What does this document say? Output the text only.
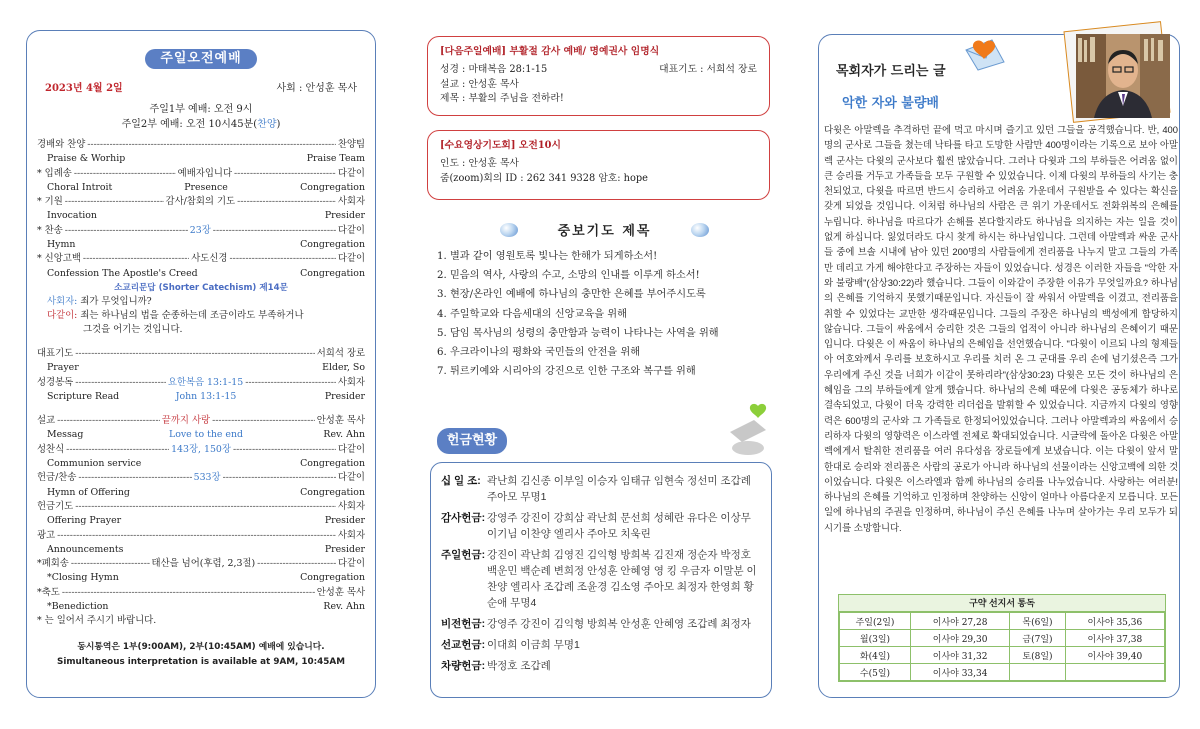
주일오전예배
2023년 4월 2일	사회 : 안성훈 목사
주일1부 예배: 오전 9시
주일2부 예배: 오전 10시45분(찬양)
경배와 찬양 -----	찬양팀
Praise & Worhip	Praise Team
* 입례송 -----	예배자입니다 -----	다같이
Choral Introit	Presence	Congregation
* 기원 -----	감사/참회의 기도 -----	사회자
Invocation	Presider
* 찬송 -----	23장 -----	다같이
Hymn	Congregation
* 신앙고백 -----	사도신경 -----	다같이
Confession The Apostle's Creed	Congregation
소교리문답 (Shorter Catechism) 제14문
사회자: 죄가 무엇입니까?
다같이: 죄는 하나님의 법을 순종하는데 조금이라도 부족하거나
그것을 어기는 것입니다.
대표기도 -----	서희석 장로
Prayer	Elder, So
성경봉독 -----	요한복음 13:1-15 -----	사회자
Scripture Read	John 13:1-15	Presider
설교 -----	끝까지 사랑 -----	안성훈 목사
Messag	Love to the end	Rev. Ahn
성찬식 -----	143장, 150장 -----	다같이
Communion service	Congregation
헌금/찬송 -----	533장 -----	다같이
Hymn of Offering	Congregation
헌금기도 -----	사회자
Offering Prayer	Presider
광고 -----	사회자
Announcements	Presider
*폐회송 -----	태산을 넘어(후렴, 2,3절) -----	다같이
*Closing Hymn	Congregation
*축도 -----	안성훈 목사
*Benediction	Rev. Ahn
* 는 일어서 주시기 바랍니다.
동시통역은 1부(9:00AM), 2부(10:45AM) 예배에 있습니다.
Simultaneous interpretation is available at 9AM, 10:45AM
[다음주일예배] 부활절 감사 예배/ 명예권사 임명식
성경 : 마태복음 28:1-15	대표기도 : 서희석 장로
설교 : 안성훈 목사
제목 : 부활의 주님을 전하라!
[수요영상기도회] 오전10시
인도 : 안성훈 목사
줌(zoom)회의 ID : 262 341 9328 암호: hope
중보기도 제목
1. 별과 같이 영원토록 빛나는 한해가 되게하소서!
2. 믿음의 역사, 사랑의 수고, 소망의 인내를 이루게 하소서!
3. 현장/온라인 예배에 하나님의 충만한 은혜를 부어주시도록
4. 주일학교와 다음세대의 신앙교육을 위해
5. 담임 목사님의 성령의 충만함과 능력이 나타나는 사역을 위해
6. 우크라이나의 평화와 국민들의 안전을 위해
7. 튀르키예와 시리아의 강진으로 인한 구조와 복구를 위해
헌금현황
십 일 조: 곽난희 김신종 이부일 이승자 임태규 임현숙 정선미 조갑례 주아모 무명1
감사헌금: 강영주 강진이 강희삼 곽난희 문선희 성혜란 유다은 이상무 이기님 이찬양 엘리사 주아모 치욱린
주일헌금: 강진이 곽난희 김영진 김익형 방희복 김진재 정순자 박정호 백운민 백순례 변희정 안성훈 안혜영 영 킹 우금자 이말분 이찬양 엘리사 조갑례 조윤경 김소영 주아모 최정자 한영희 황순애 무명4
비전헌금: 강영주 강진이 김익형 방희복 안성훈 안혜영 조갑례 최정자
선교헌금: 이대희 이금희 무명1
차량헌금: 박정호 조갑례
목회자가 드리는 글
악한 자와 불량배
다윗은 아말렉을 추격하던 끝에 먹고 마시며 즐기고 있던 그들을 공격했습니다. 반, 400명의 군사로 그들을 쳤는데 낙타를 타고 도망한 사람만 400명이라는 기록으로 보아 아말렉 군사는 다윗의 군사보다 훨씬 많았습니다. 그러나 다윗과 그의 부하들은 어려움 없이 큰 승리를 거두고 가족들을 모두 구원할 수 있었습니다. 이제 다윗의 부하들의 사기는 충천되었고, 다윗을 따르면 반드시 승리하고 어려움 가운데서 구원받을 수 있다는 확신을 갖게 되었을 것입니다. 이처럼 하나님의 사람은 큰 위기 가운데서도 전화위복의 은혜를 누립니다. 하나님을 따르다가 손해를 본다할지라도 하나님을 의지하는 자는 일을 것이 없게 하십니다. 잃었더라도 다시 찾게 하시는 하나님입니다. 그런데 아말렉과 싸운 군사들 중에 브솔 시내에 남아 있던 200명의 사람들에게 전리품을 나누지 말고 그들의 가족만 데리고 가게 해야한다고 주장하는 자들이 있었습니다. 성경은 이러한 자들을 "악한 자와 불량배"(삼상30:22)라 했습니다. 그들이 이와같이 주장한 이유가 무엇일까요? 하나님의 은혜를 기억하지 못했기때문입니다. 자신들이 잘 싸워서 아말렉을 이겼고, 전리품을 취할 수 있었다는 교만한 생각때문입니다. 그들의 주장은 하나님의 백성에게 합당하지 않습니다. 그들이 싸움에서 승리한 것은 그들의 업적이 아니라 하나님의 은혜이기 때문입니다. 다윗은 이 싸움이 하나님의 은혜임을 선언했습니다. "다윗이 이르되 나의 형제들아 여호와께서 우리를 보호하시고 우리를 치러 온 그 군대를 우리 손에 넘기셨은즉 그가 우리에게 주신 것을 너희가 이같이 못하리라"(삼상30:23) 다윗은 모든 것이 하나님의 은혜임을 그의 부하들에게 알게 했습니다. 하나님의 은혜 때문에 다윗은 공동체가 하나로 결속되었고, 다윗이 더욱 강력한 리더쉽을 발휘할 수 있었습니다. 지금까지 다윗의 영향력은 600명의 군사와 그 가족들로 한정되어있었습니다. 그러나 아말렉과의 싸움에서 승리하자 다윗의 영향력은 이스라엘 전체로 확대되었습니다. 시글락에 돌아온 다윗은 아말렉에게서 탈취한 전리품을 여러 유다성읍 장로들에게 보냈습니다. 이는 다윗이 앞서 말한대로 승리와 전리품은 사람의 공로가 아니라 하나님의 선물이라는 신앙고백에 의한 것이었습니다. 다윗은 이스라엘과 함께 하나님의 승리를 나누었습니다. 사랑하는 여러분! 하나님의 은혜를 기억하고 인정하며 찬양하는 신앙이 얼마나 아름다운지 모릅니다. 모든 일에 하나님의 주권을 인정하며, 하나님이 주신 은혜를 나누며 살아가는 우리 모두가 되시기를 소망합니다.
구약 선지서 통독
주일(2일)	이사야 27,28	목(6일)	이사야 35,36
월(3일)	이사야 29,30	금(7일)	이사야 37,38
화(4일)	이사야 31,32	토(8일)	이사야 39,40
수(5일)	이사야 33,34		
